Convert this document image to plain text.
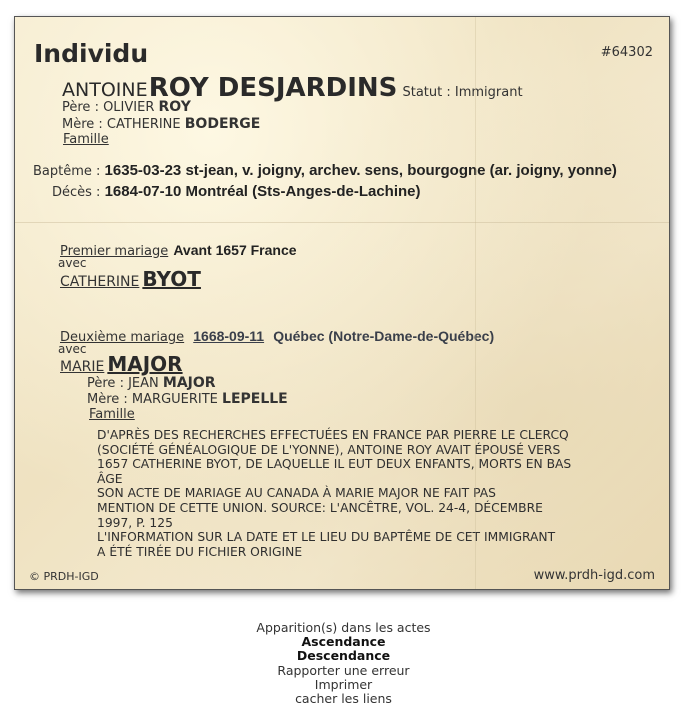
Individu	#64302
ANTOINE ROY DESJARDINS Statut : Immigrant
Père : OLIVIER ROY
Mère : CATHERINE BODERGE
Famille
Baptême : 1635-03-23 st-jean, v. joigny, archev. sens, bourgogne (ar. joigny, yonne)
Décès : 1684-07-10 Montréal (Sts-Anges-de-Lachine)
Premier mariage Avant 1657 France
avec
CATHERINE BYOT
Deuxième mariage 1668-09-11 Québec (Notre-Dame-de-Québec)
avec
MARIE MAJOR
Père : JEAN MAJOR
Mère : MARGUERITE LEPELLE
Famille
D'APRÈS DES RECHERCHES EFFECTUÉES EN FRANCE PAR PIERRE LE CLERCQ
(SOCIÉTÉ GÉNÉALOGIQUE DE L'YONNE), ANTOINE ROY AVAIT ÉPOUSÉ VERS
1657 CATHERINE BYOT, DE LAQUELLE IL EUT DEUX ENFANTS, MORTS EN BAS
ÂGE
SON ACTE DE MARIAGE AU CANADA À MARIE MAJOR NE FAIT PAS
MENTION DE CETTE UNION. SOURCE: L'ANCÊTRE, VOL. 24-4, DÉCEMBRE
1997, P. 125
L'INFORMATION SUR LA DATE ET LE LIEU DU BAPTÊME DE CET IMMIGRANT
A ÉTÉ TIRÉE DU FICHIER ORIGINE
© PRDH-IGD	www.prdh-igd.com
Apparition(s) dans les actes
Ascendance
Descendance
Rapporter une erreur
Imprimer
cacher les liens
